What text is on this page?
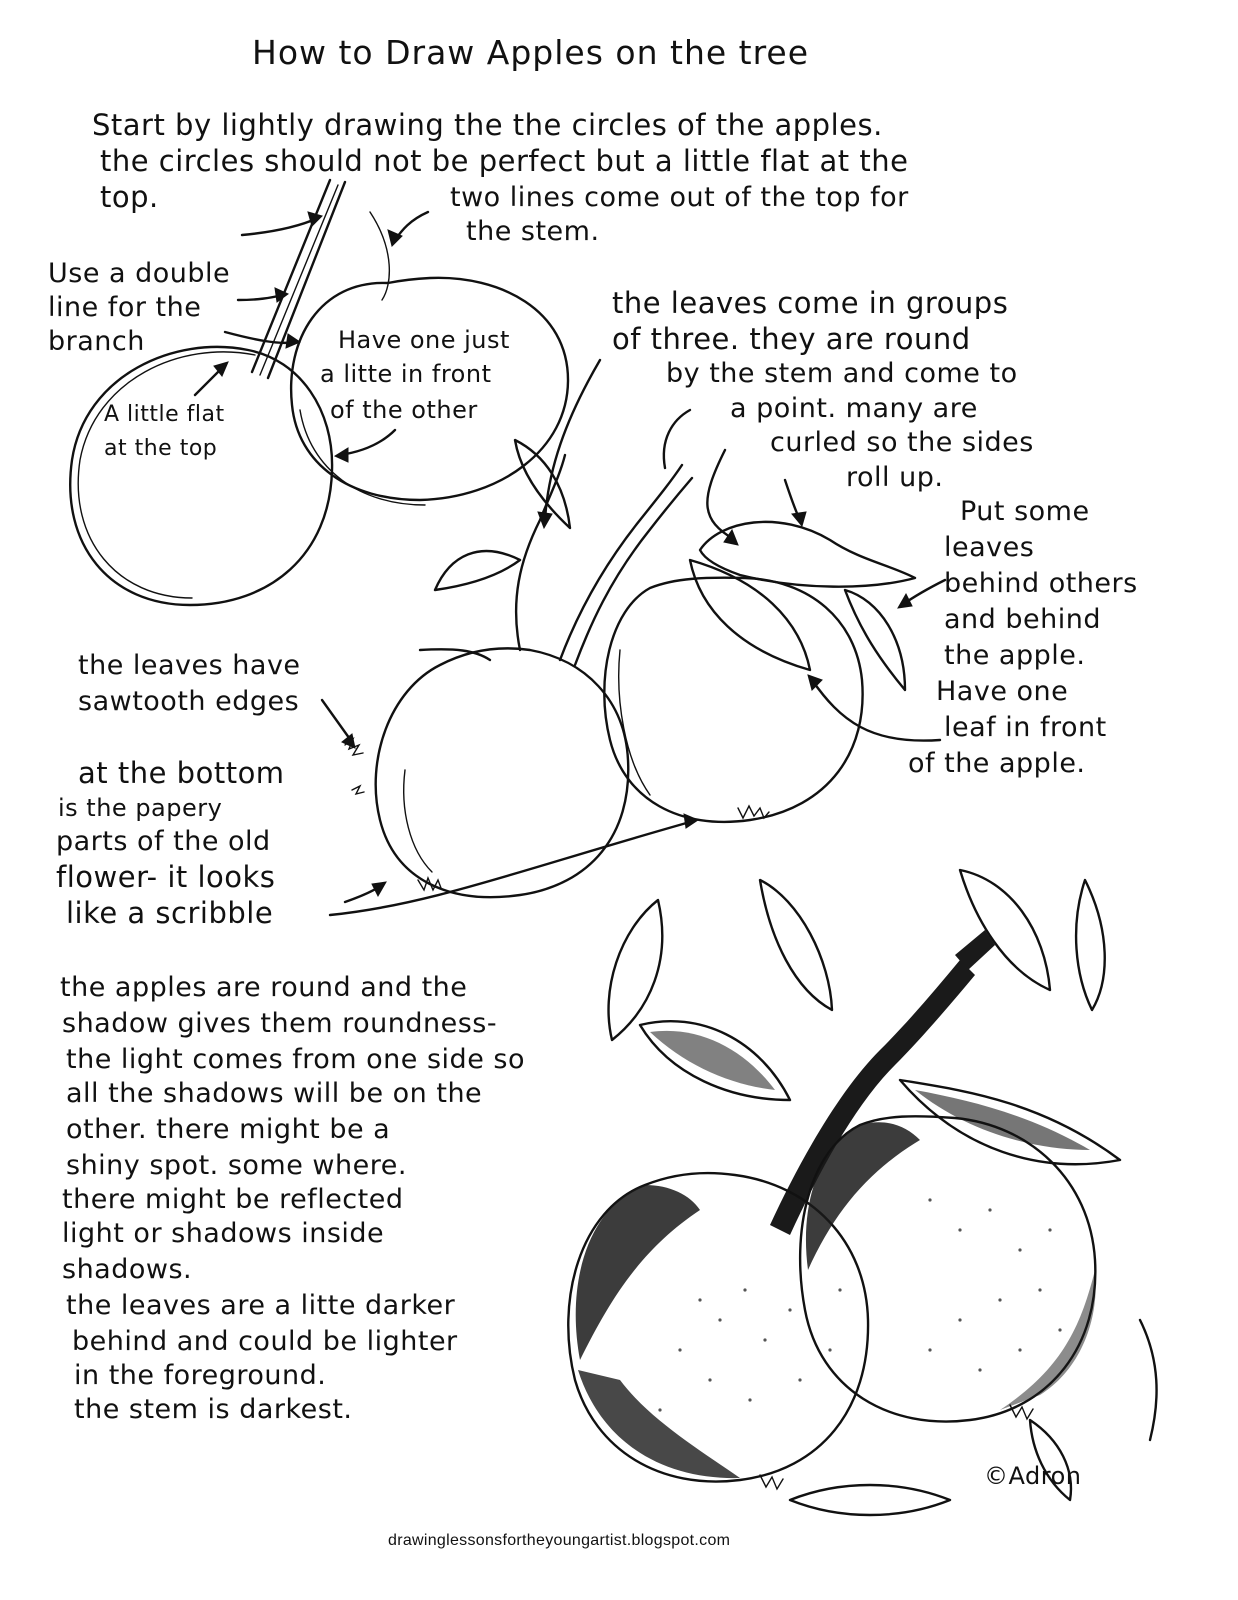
How to Draw Apples on the tree
Start by lightly drawing the the circles of the apples.
the circles should not be perfect but a little flat at the
top.	two lines come out of the top for
the stem.
Use a double
line for the
branch
A little flat
at the top
Have one just
a litte in front
of the other
the leaves come in groups
of three. they are round
by the stem and come to
a point. many are
curled so the sides
roll up.
Put some
leaves
behind others
and behind
the apple.
Have one
leaf in front
of the apple.
the leaves have
sawtooth edges
at the bottom
is the papery
parts of the old
flower- it looks
like a scribble
the apples are round and the
shadow gives them roundness-
the light comes from one side so
all the shadows will be on the
other. there might be a
shiny spot. some where.
there might be reflected
light or shadows inside
shadows.
the leaves are a litte darker
behind and could be lighter
in the foreground.
the stem is darkest.
©Adron
drawinglessonsfortheyoungartist.blogspot.com
